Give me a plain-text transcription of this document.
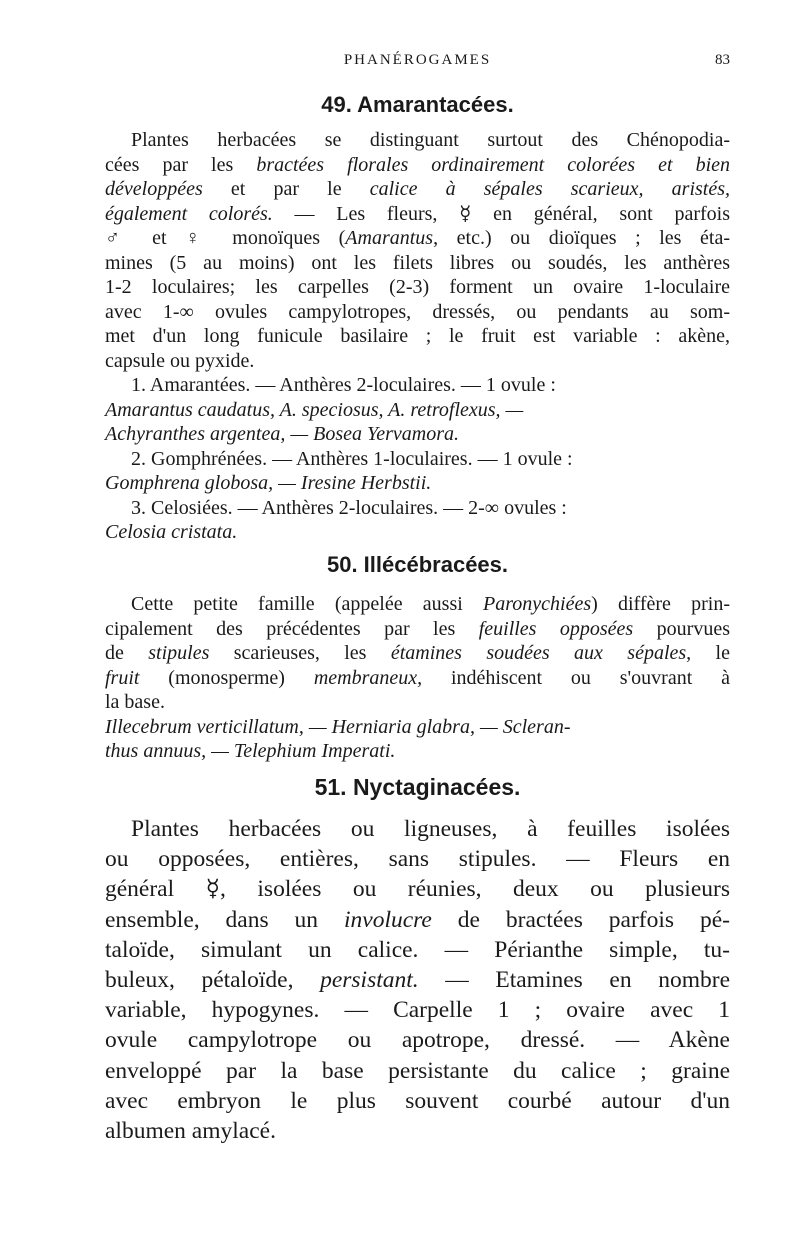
PHANÉROGAMES	83
49. Amarantacées.
Plantes herbacées se distinguant surtout des Chénopodia-
cées par les bractées florales ordinairement colorées et bien
développées et par le calice à sépales scarieux, aristés,
également colorés. — Les fleurs, ☿ en général, sont parfois
♂ et ♀ monoïques (Amarantus, etc.) ou dioïques ; les éta-
mines (5 au moins) ont les filets libres ou soudés, les anthères
1-2 loculaires; les carpelles (2-3) forment un ovaire 1-loculaire
avec 1-∞ ovules campylotropes, dressés, ou pendants au som-
met d'un long funicule basilaire ; le fruit est variable : akène,
capsule ou pyxide.
1. Amarantées. — Anthères 2-loculaires. — 1 ovule :
Amarantus caudatus, A. speciosus, A. retroflexus, —
Achyranthes argentea, — Bosea Yervamora.
2. Gomphrénées. — Anthères 1-loculaires. — 1 ovule :
Gomphrena globosa, — Iresine Herbstii.
3. Celosiées. — Anthères 2-loculaires. — 2-∞ ovules :
Celosia cristata.
50. Illécébracées.
Cette petite famille (appelée aussi Paronychiées) diffère prin-
cipalement des précédentes par les feuilles opposées pourvues
de stipules scarieuses, les étamines soudées aux sépales, le
fruit (monosperme) membraneux, indéhiscent ou s'ouvrant à
la base.
Illecebrum verticillatum, — Herniaria glabra, — Scleran-
thus annuus, — Telephium Imperati.
51. Nyctaginacées.
Plantes herbacées ou ligneuses, à feuilles isolées
ou opposées, entières, sans stipules. — Fleurs en
général ☿, isolées ou réunies, deux ou plusieurs
ensemble, dans un involucre de bractées parfois pé-
taloïde, simulant un calice. — Périanthe simple, tu-
buleux, pétaloïde, persistant. — Etamines en nombre
variable, hypogynes. — Carpelle 1 ; ovaire avec 1
ovule campylotrope ou apotrope, dressé. — Akène
enveloppé par la base persistante du calice ; graine
avec embryon le plus souvent courbé autour d'un
albumen amylacé.
